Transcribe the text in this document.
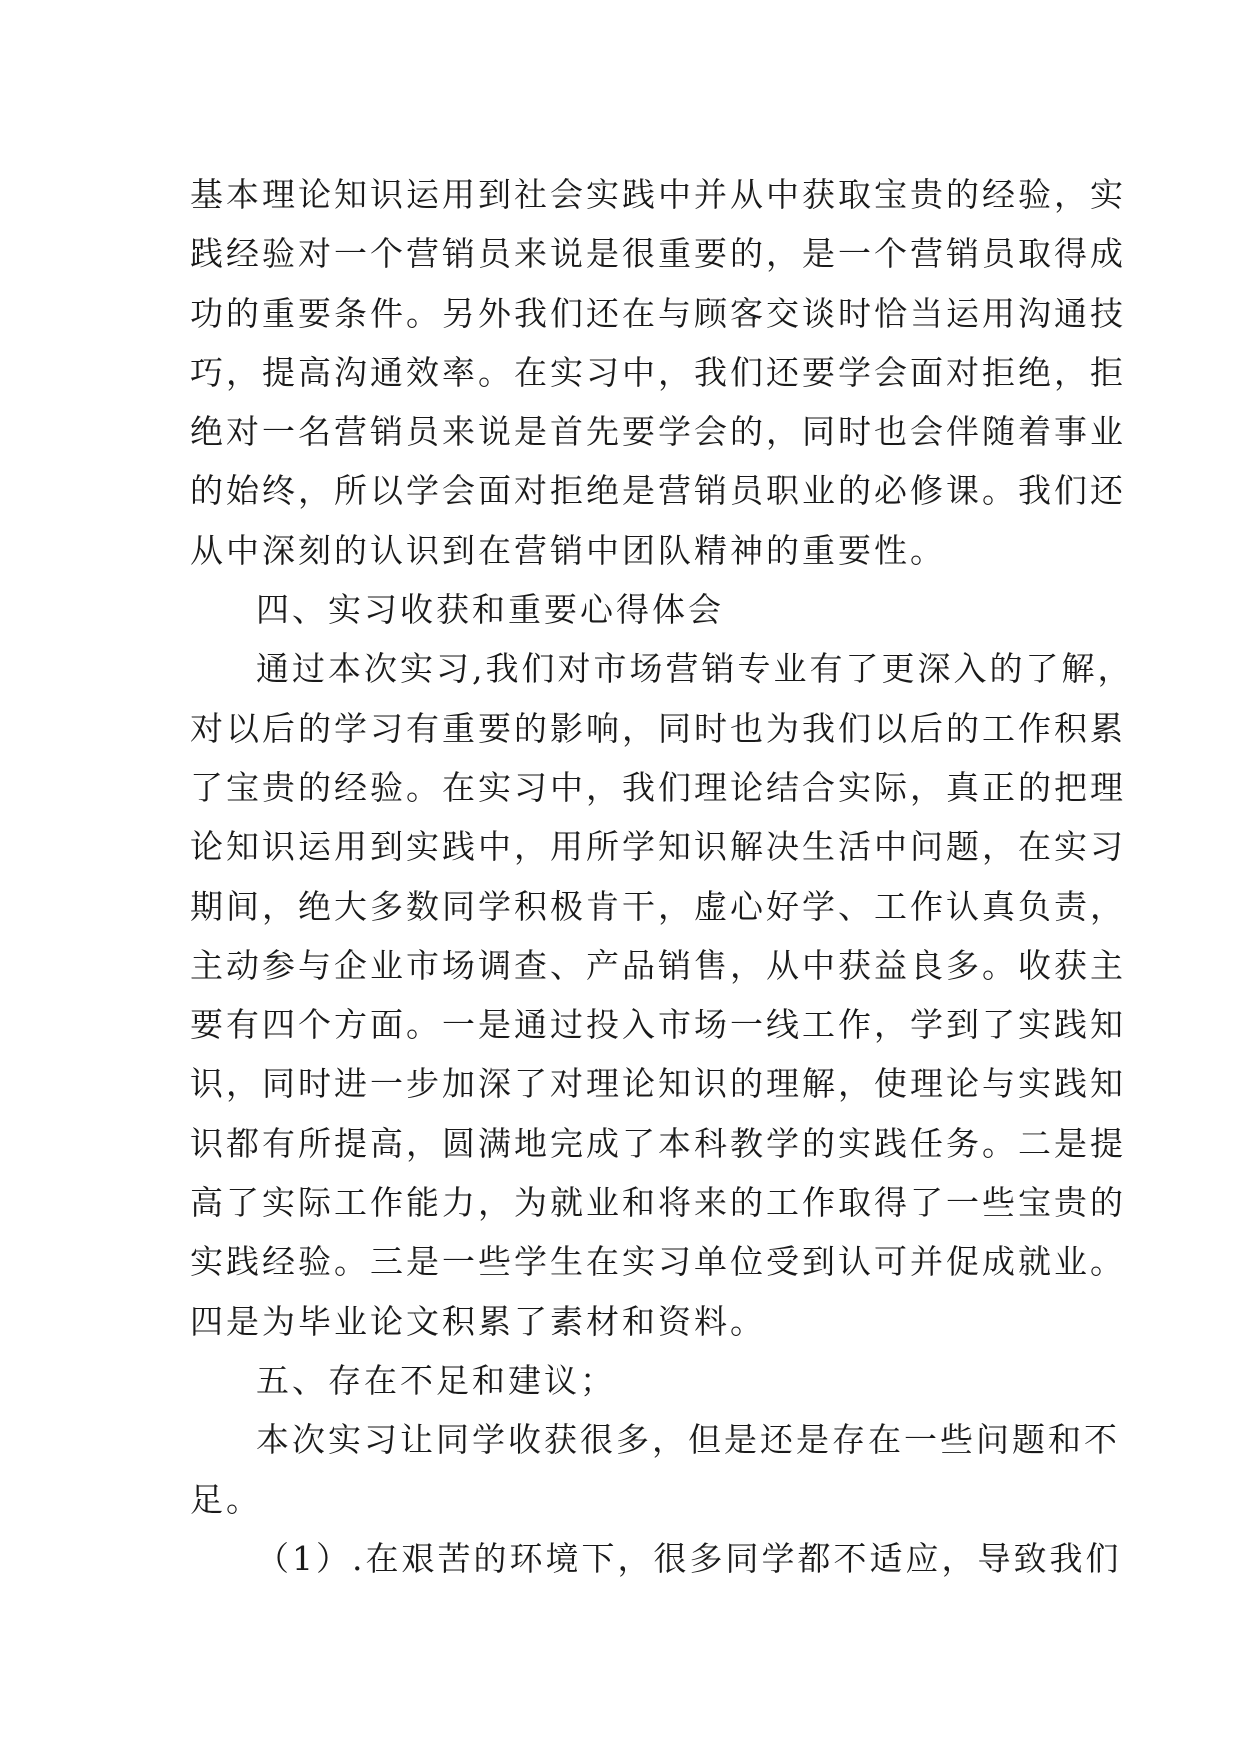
基本理论知识运用到社会实践中并从中获取宝贵的经验，实
践经验对一个营销员来说是很重要的，是一个营销员取得成
功的重要条件。另外我们还在与顾客交谈时恰当运用沟通技
巧，提高沟通效率。在实习中，我们还要学会面对拒绝，拒
绝对一名营销员来说是首先要学会的，同时也会伴随着事业
的始终，所以学会面对拒绝是营销员职业的必修课。我们还
从中深刻的认识到在营销中团队精神的重要性。
四、实习收获和重要心得体会
通过本次实习,我们对市场营销专业有了更深入的了解，
对以后的学习有重要的影响，同时也为我们以后的工作积累
了宝贵的经验。在实习中，我们理论结合实际，真正的把理
论知识运用到实践中，用所学知识解决生活中问题，在实习
期间，绝大多数同学积极肯干，虚心好学、工作认真负责，
主动参与企业市场调查、产品销售，从中获益良多。收获主
要有四个方面。一是通过投入市场一线工作，学到了实践知
识，同时进一步加深了对理论知识的理解，使理论与实践知
识都有所提高，圆满地完成了本科教学的实践任务。二是提
高了实际工作能力，为就业和将来的工作取得了一些宝贵的
实践经验。三是一些学生在实习单位受到认可并促成就业。
四是为毕业论文积累了素材和资料。
五、存在不足和建议；
本次实习让同学收获很多，但是还是存在一些问题和不
足。
（1）.在艰苦的环境下，很多同学都不适应，导致我们
